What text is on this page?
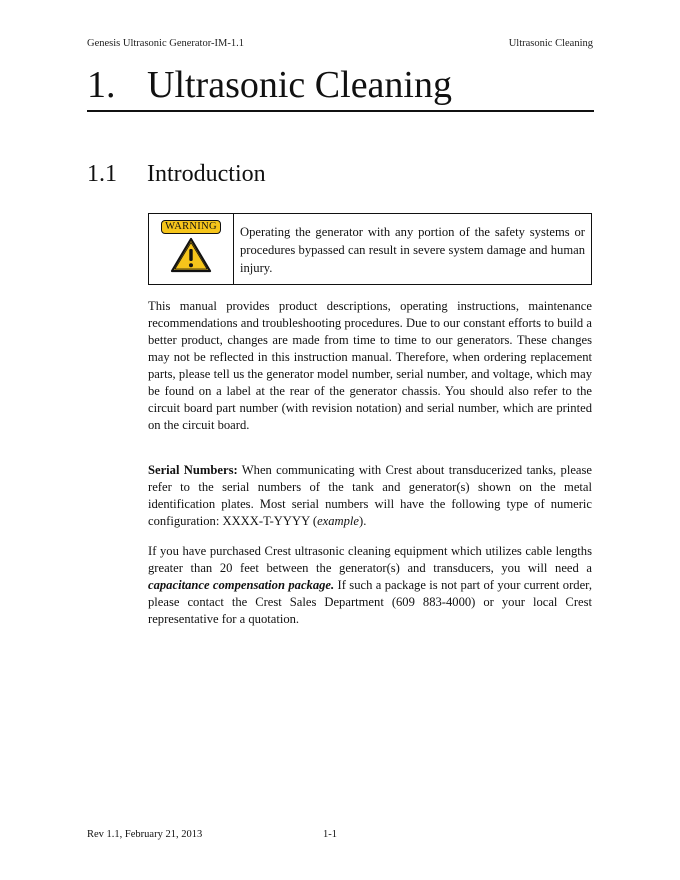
Genesis Ultrasonic Generator-IM-1.1	Ultrasonic Cleaning
1. Ultrasonic Cleaning
1.1 Introduction
WARNING	Operating the generator with any portion of the safety systems or procedures bypassed can result in severe system damage and human injury.

This manual provides product descriptions, operating instructions, maintenance recommendations and troubleshooting procedures. Due to our constant efforts to build a better product, changes are made from time to time to our generators. These changes may not be reflected in this instruction manual. Therefore, when ordering replacement parts, please tell us the generator model number, serial number, and voltage, which may be found on a label at the rear of the generator chassis. You should also refer to the circuit board part number (with revision notation) and serial number, which are printed on the circuit board.

Serial Numbers: When communicating with Crest about transducerized tanks, please refer to the serial numbers of the tank and generator(s) shown on the metal identification plates. Most serial numbers will have the following type of numeric configuration: XXXX-T-YYYY (example).

If you have purchased Crest ultrasonic cleaning equipment which utilizes cable lengths greater than 20 feet between the generator(s) and transducers, you will need a capacitance compensation package. If such a package is not part of your current order, please contact the Crest Sales Department (609 883-4000) or your local Crest representative for a quotation.

Rev 1.1, February 21, 2013	1-1
